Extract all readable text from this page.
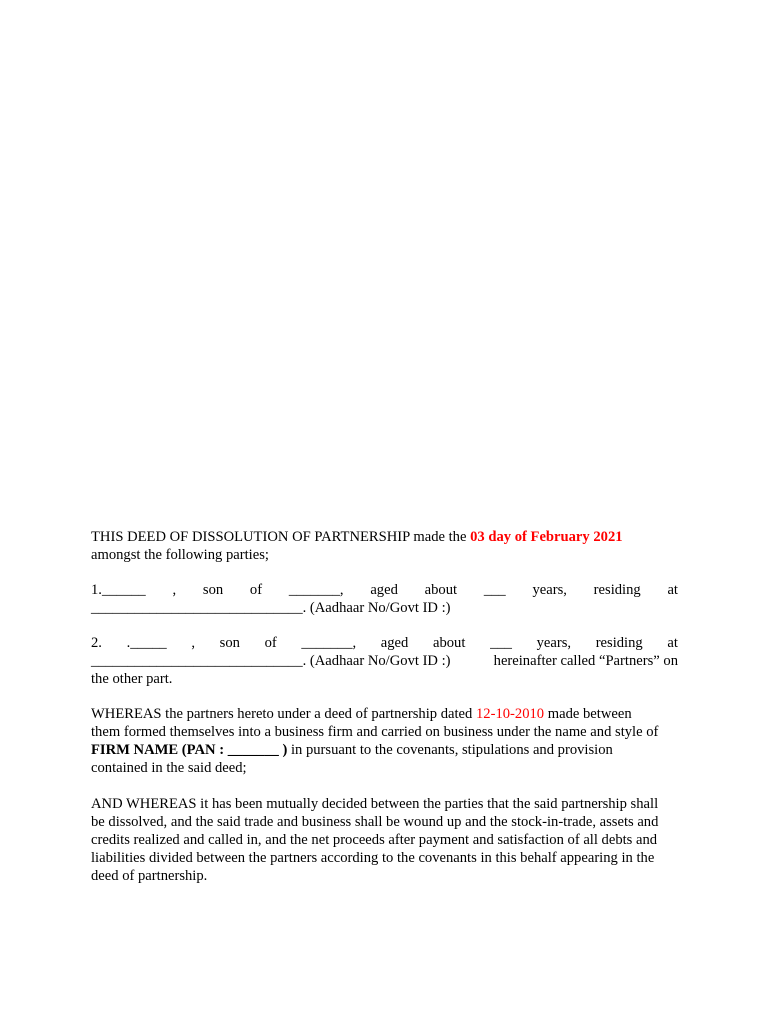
THIS DEED OF DISSOLUTION OF PARTNERSHIP made the 03 day of February 2021
amongst the following parties;

1.______ , son of _______, aged about ___ years, residing at
_____________________________. (Aadhaar No/Govt ID :)
2. ._____ , son of _______, aged about ___ years, residing at
_____________________________. (Aadhaar No/Govt ID :)	hereinafter called “Partners” on
the other part.
WHEREAS the partners hereto under a deed of partnership dated 12-10-2010 made between
them formed themselves into a business firm and carried on business under the name and style of
FIRM NAME (PAN : _______ ) in pursuant to the covenants, stipulations and provision
contained in the said deed;
AND WHEREAS it has been mutually decided between the parties that the said partnership shall
be dissolved, and the said trade and business shall be wound up and the stock-in-trade, assets and
credits realized and called in, and the net proceeds after payment and satisfaction of all debts and
liabilities divided between the partners according to the covenants in this behalf appearing in the
deed of partnership.
